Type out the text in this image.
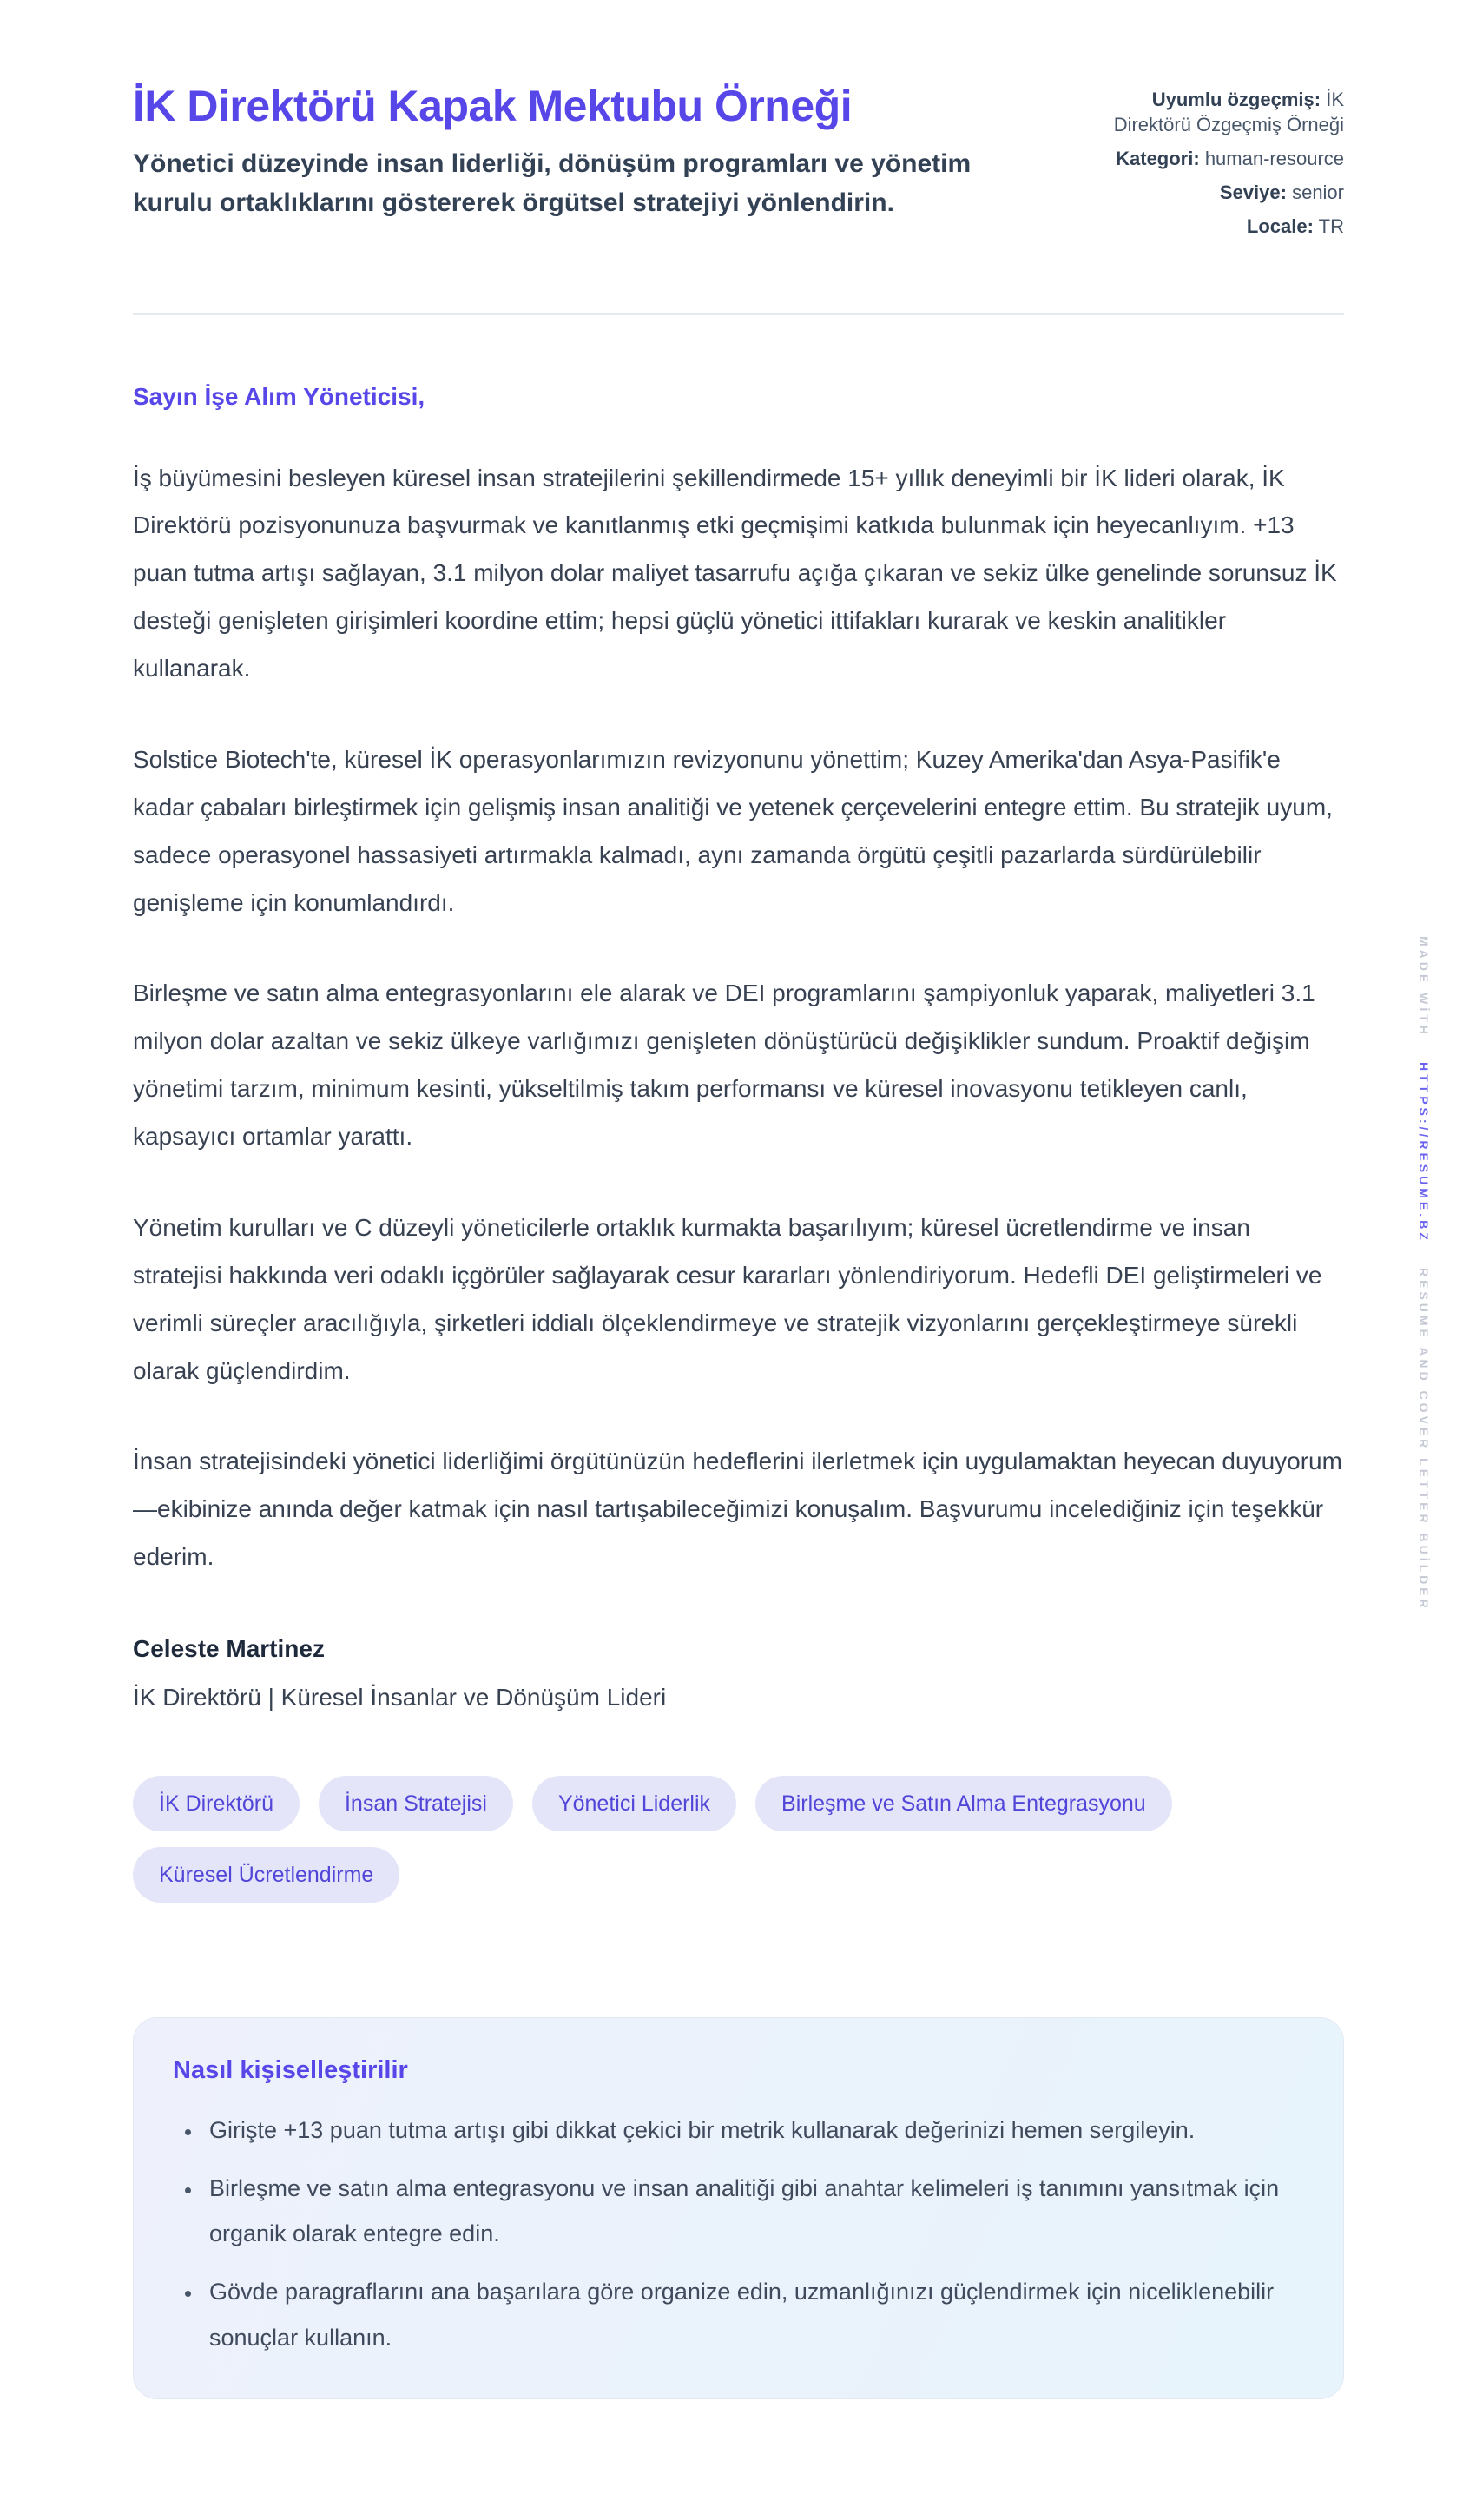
İK Direktörü Kapak Mektubu Örneği

Yönetici düzeyinde insan liderliği, dönüşüm programları ve yönetim kurulu ortaklıklarını göstererek örgütsel stratejiyi yönlendirin.

Uyumlu özgeçmiş: İK Direktörü Özgeçmiş Örneği
Kategori: human-resource
Seviye: senior
Locale: TR

Sayın İşe Alım Yöneticisi,

İş büyümesini besleyen küresel insan stratejilerini şekillendirmede 15+ yıllık deneyimli bir İK lideri olarak, İK Direktörü pozisyonunuza başvurmak ve kanıtlanmış etki geçmişimi katkıda bulunmak için heyecanlıyım. +13 puan tutma artışı sağlayan, 3.1 milyon dolar maliyet tasarrufu açığa çıkaran ve sekiz ülke genelinde sorunsuz İK desteği genişleten girişimleri koordine ettim; hepsi güçlü yönetici ittifakları kurarak ve keskin analitikler kullanarak.

Solstice Biotech'te, küresel İK operasyonlarımızın revizyonunu yönettim; Kuzey Amerika'dan Asya-Pasifik'e kadar çabaları birleştirmek için gelişmiş insan analitiği ve yetenek çerçevelerini entegre ettim. Bu stratejik uyum, sadece operasyonel hassasiyeti artırmakla kalmadı, aynı zamanda örgütü çeşitli pazarlarda sürdürülebilir genişleme için konumlandırdı.

Birleşme ve satın alma entegrasyonlarını ele alarak ve DEI programlarını şampiyonluk yaparak, maliyetleri 3.1 milyon dolar azaltan ve sekiz ülkeye varlığımızı genişleten dönüştürücü değişiklikler sundum. Proaktif değişim yönetimi tarzım, minimum kesinti, yükseltilmiş takım performansı ve küresel inovasyonu tetikleyen canlı, kapsayıcı ortamlar yarattı.

Yönetim kurulları ve C düzeyli yöneticilerle ortaklık kurmakta başarılıyım; küresel ücretlendirme ve insan stratejisi hakkında veri odaklı içgörüler sağlayarak cesur kararları yönlendiriyorum. Hedefli DEI geliştirmeleri ve verimli süreçler aracılığıyla, şirketleri iddialı ölçeklendirmeye ve stratejik vizyonlarını gerçekleştirmeye sürekli olarak güçlendirdim.

İnsan stratejisindeki yönetici liderliğimi örgütünüzün hedeflerini ilerletmek için uygulamaktan heyecan duyuyorum—ekibinize anında değer katmak için nasıl tartışabileceğimizi konuşalım. Başvurumu incelediğiniz için teşekkür ederim.

Celeste Martinez

İK Direktörü | Küresel İnsanlar ve Dönüşüm Lideri

İK Direktörü	İnsan Stratejisi	Yönetici Liderlik	Birleşme ve Satın Alma Entegrasyonu
Küresel Ücretlendirme
Nasıl kişiselleştirilir
• Girişte +13 puan tutma artışı gibi dikkat çekici bir metrik kullanarak değerinizi hemen sergileyin.
• Birleşme ve satın alma entegrasyonu ve insan analitiği gibi anahtar kelimeleri iş tanımını yansıtmak için organik olarak entegre edin.
• Gövde paragraflarını ana başarılara göre organize edin, uzmanlığınızı güçlendirmek için niceliklenebilir sonuçlar kullanın.
MADE WİTH
HTTPS://RESUME.BZ
RESUME AND COVER LETTER BUİLDER
